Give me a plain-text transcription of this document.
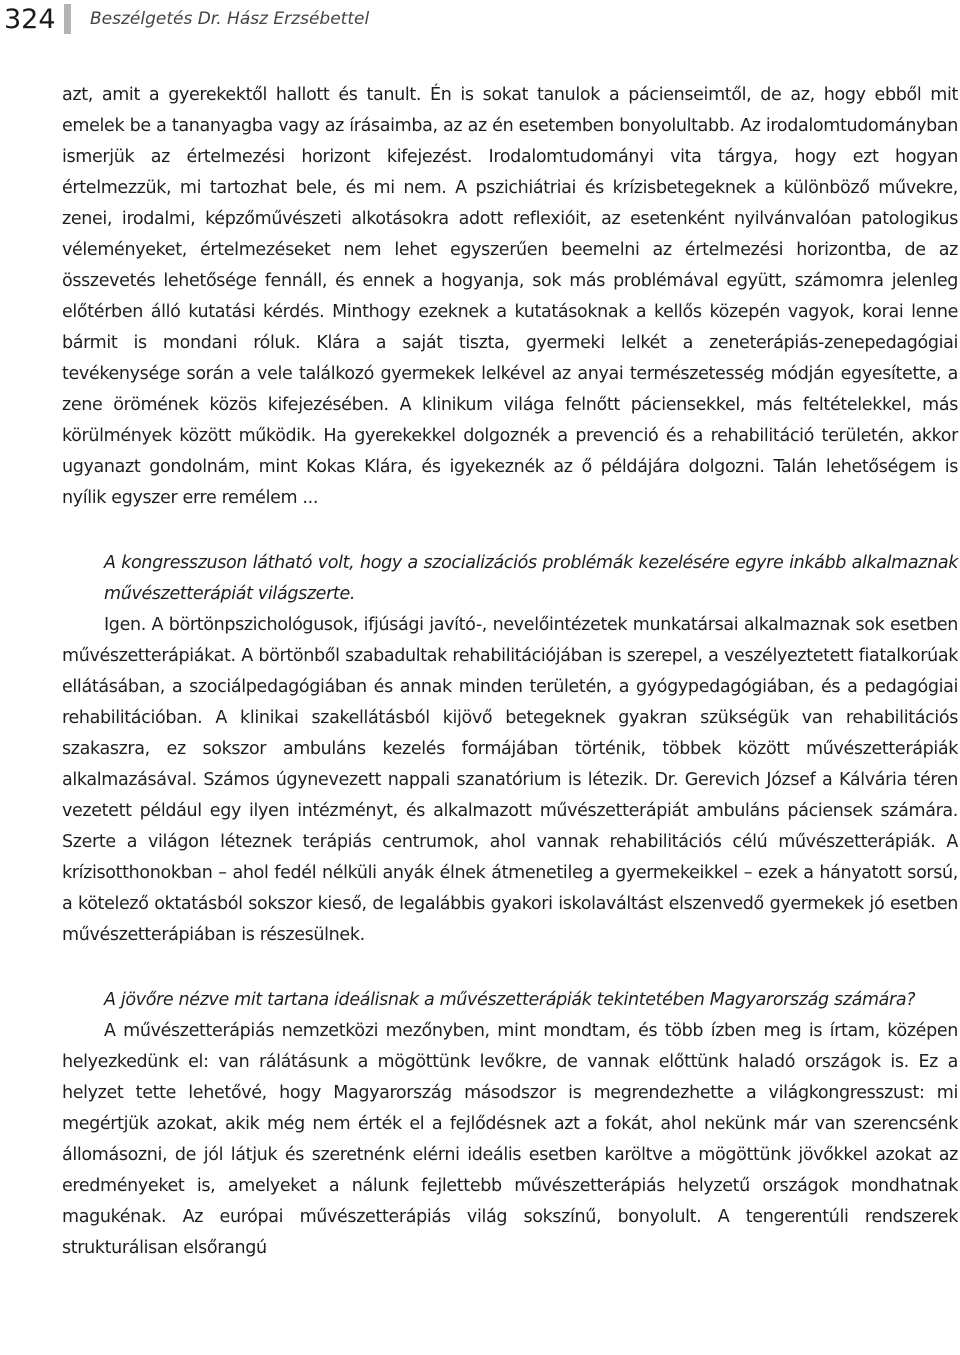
324 Beszélgetés Dr. Hász Erzsébettel

azt, amit a gyerekektől hallott és tanult. Én is sokat tanulok a pácienseimtől, de az, hogy ebből mit emelek be a tananyagba vagy az írásaimba, az az én esetemben bonyolultabb. Az irodalomtudományban ismerjük az értelmezési horizont kifejezést. Irodalomtudományi vita tárgya, hogy ezt hogyan értelmezzük, mi tartozhat bele, és mi nem. A pszichiátriai és krízisbetegeknek a különböző művekre, zenei, irodalmi, képzőművészeti alkotásokra adott reflexióit, az esetenként nyilvánvalóan patologikus véleményeket, értelmezéseket nem lehet egyszerűen beemelni az értelmezési horizontba, de az összevetés lehetősége fennáll, és ennek a hogyanja, sok más problémával együtt, számomra jelenleg előtérben álló kutatási kérdés. Minthogy ezeknek a kutatásoknak a kellős közepén vagyok, korai lenne bármit is mondani róluk. Klára a saját tiszta, gyermeki lelkét a zeneterápiás-zenepedagógiai tevékenysége során a vele találkozó gyermekek lelkével az anyai természetesség módján egyesítette, a zene örömének közös kifejezésében. A klinikum világa felnőtt páciensekkel, más feltételekkel, más körülmények között működik. Ha gyerekekkel dolgoznék a prevenció és a rehabilitáció területén, akkor ugyanazt gondolnám, mint Kokas Klára, és igyekeznék az ő példájára dolgozni. Talán lehetőségem is nyílik egyszer erre remélem ...

A kongresszuson látható volt, hogy a szocializációs problémák kezelésére egyre inkább alkalmaznak művészetterápiát világszerte.

Igen. A börtönpszichológusok, ifjúsági javító-, nevelőintézetek munkatársai alkalmaznak sok esetben művészetterápiákat. A börtönből szabadultak rehabilitációjában is szerepel, a veszélyeztetett fiatalkorúak ellátásában, a szociálpedagógiában és annak minden területén, a gyógypedagógiában, és a pedagógiai rehabilitációban. A klinikai szakellátásból kijövő betegeknek gyakran szükségük van rehabilitációs szakaszra, ez sokszor ambuláns kezelés formájában történik, többek között művészetterápiák alkalmazásával. Számos úgynevezett nappali szanatórium is létezik. Dr. Gerevich József a Kálvária téren vezetett például egy ilyen intézményt, és alkalmazott művészetterápiát ambuláns páciensek számára. Szerte a világon léteznek terápiás centrumok, ahol vannak rehabilitációs célú művészetterápiák. A krízisotthonokban – ahol fedél nélküli anyák élnek átmenetileg a gyermekeikkel – ezek a hányatott sorsú, a kötelező oktatásból sokszor kieső, de legalábbis gyakori iskolaváltást elszenvedő gyermekek jó esetben művészetterápiában is részesülnek.

A jövőre nézve mit tartana ideálisnak a művészetterápiák tekintetében Magyarország számára?

A művészetterápiás nemzetközi mezőnyben, mint mondtam, és több ízben meg is írtam, középen helyezkedünk el: van rálátásunk a mögöttünk levőkre, de vannak előttünk haladó országok is. Ez a helyzet tette lehetővé, hogy Magyarország másodszor is megrendezhette a világkongresszust: mi megértjük azokat, akik még nem érték el a fejlődésnek azt a fokát, ahol nekünk már van szerencsénk állomásozni, de jól látjuk és szeretnénk elérni ideális esetben karöltve a mögöttünk jövőkkel azokat az eredményeket is, amelyeket a nálunk fejlettebb művészetterápiás helyzetű országok mondhatnak magukénak. Az európai művészetterápiás világ sokszínű, bonyolult. A tengerentúli rendszerek strukturálisan elsőrangú
